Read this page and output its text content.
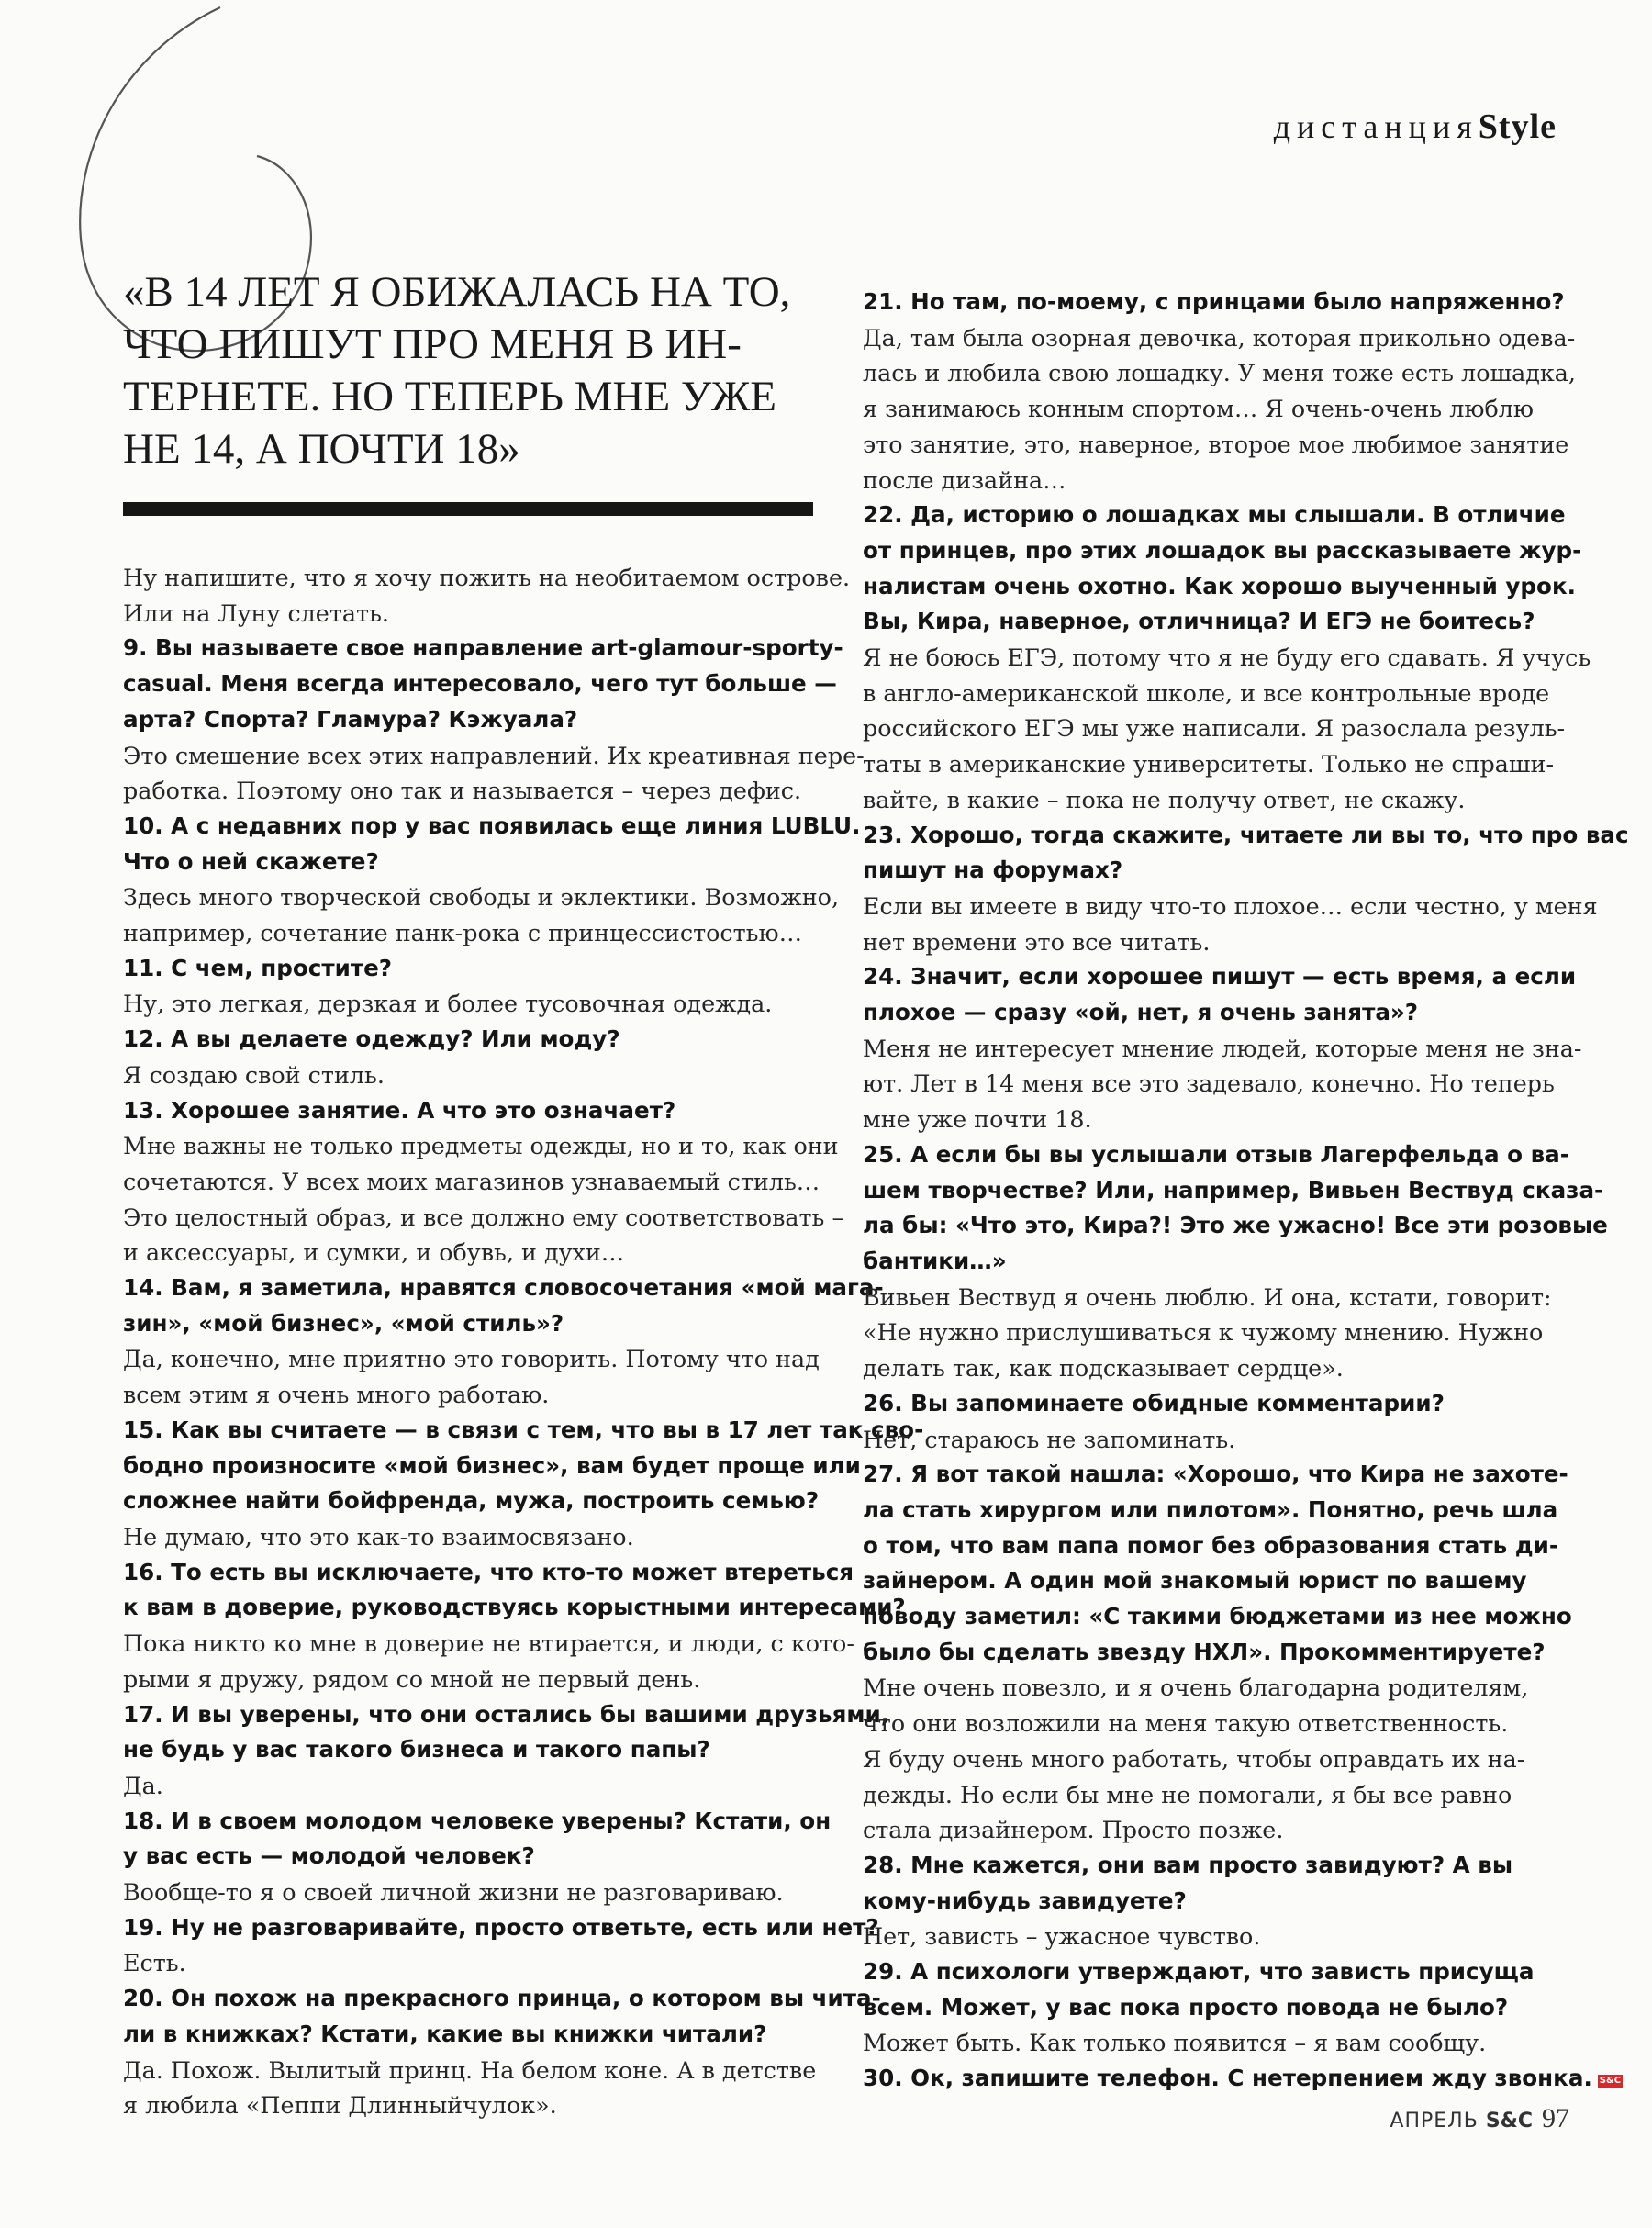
дистанцияStyle
«В 14 ЛЕТ Я ОБИЖАЛАСЬ НА ТО,
ЧТО ПИШУТ ПРО МЕНЯ В ИН-
ТЕРНЕТЕ. НО ТЕПЕРЬ МНЕ УЖЕ
НЕ 14, А ПОЧТИ 18»
Ну напишите, что я хочу пожить на необитаемом острове.
Или на Луну слетать.
9. Вы называете свое направление art-glamour-sporty-
casual. Меня всегда интересовало, чего тут больше —
арта? Спорта? Гламура? Кэжуала?
Это смешение всех этих направлений. Их креативная пере-
работка. Поэтому оно так и называется – через дефис.
10. А с недавних пор у вас появилась еще линия LUBLU.
Что о ней скажете?
Здесь много творческой свободы и эклектики. Возможно,
например, сочетание панк-рока с принцессистостью…
11. С чем, простите?
Ну, это легкая, дерзкая и более тусовочная одежда.
12. А вы делаете одежду? Или моду?
Я создаю свой стиль.
13. Хорошее занятие. А что это означает?
Мне важны не только предметы одежды, но и то, как они
сочетаются. У всех моих магазинов узнаваемый стиль…
Это целостный образ, и все должно ему соответствовать –
и аксессуары, и сумки, и обувь, и духи…
14. Вам, я заметила, нравятся словосочетания «мой мага-
зин», «мой бизнес», «мой стиль»?
Да, конечно, мне приятно это говорить. Потому что над
всем этим я очень много работаю.
15. Как вы считаете — в связи с тем, что вы в 17 лет так сво-
бодно произносите «мой бизнес», вам будет проще или
сложнее найти бойфренда, мужа, построить семью?
Не думаю, что это как-то взаимосвязано.
16. То есть вы исключаете, что кто-то может втереться
к вам в доверие, руководствуясь корыстными интересами?
Пока никто ко мне в доверие не втирается, и люди, с кото-
рыми я дружу, рядом со мной не первый день.
17. И вы уверены, что они остались бы вашими друзьями,
не будь у вас такого бизнеса и такого папы?
Да.
18. И в своем молодом человеке уверены? Кстати, он
у вас есть — молодой человек?
Вообще-то я о своей личной жизни не разговариваю.
19. Ну не разговаривайте, просто ответьте, есть или нет?
Есть.
20. Он похож на прекрасного принца, о котором вы чита-
ли в книжках? Кстати, какие вы книжки читали?
Да. Похож. Вылитый принц. На белом коне. А в детстве
я любила «Пеппи Длинныйчулок».
21. Но там, по-моему, с принцами было напряженно?
Да, там была озорная девочка, которая прикольно одева-
лась и любила свою лошадку. У меня тоже есть лошадка,
я занимаюсь конным спортом… Я очень-очень люблю
это занятие, это, наверное, второе мое любимое занятие
после дизайна…
22. Да, историю о лошадках мы слышали. В отличие
от принцев, про этих лошадок вы рассказываете жур-
налистам очень охотно. Как хорошо выученный урок.
Вы, Кира, наверное, отличница? И ЕГЭ не боитесь?
Я не боюсь ЕГЭ, потому что я не буду его сдавать. Я учусь
в англо-американской школе, и все контрольные вроде
российского ЕГЭ мы уже написали. Я разослала резуль-
таты в американские университеты. Только не спраши-
вайте, в какие – пока не получу ответ, не скажу.
23. Хорошо, тогда скажите, читаете ли вы то, что про вас
пишут на форумах?
Если вы имеете в виду что-то плохое… если честно, у меня
нет времени это все читать.
24. Значит, если хорошее пишут — есть время, а если
плохое — сразу «ой, нет, я очень занята»?
Меня не интересует мнение людей, которые меня не зна-
ют. Лет в 14 меня все это задевало, конечно. Но теперь
мне уже почти 18.
25. А если бы вы услышали отзыв Лагерфельда о ва-
шем творчестве? Или, например, Вивьен Вествуд сказа-
ла бы: «Что это, Кира?! Это же ужасно! Все эти розовые
бантики…»
Вивьен Вествуд я очень люблю. И она, кстати, говорит:
«Не нужно прислушиваться к чужому мнению. Нужно
делать так, как подсказывает сердце».
26. Вы запоминаете обидные комментарии?
Нет, стараюсь не запоминать.
27. Я вот такой нашла: «Хорошо, что Кира не захоте-
ла стать хирургом или пилотом». Понятно, речь шла
о том, что вам папа помог без образования стать ди-
зайнером. А один мой знакомый юрист по вашему
поводу заметил: «С такими бюджетами из нее можно
было бы сделать звезду НХЛ». Прокомментируете?
Мне очень повезло, и я очень благодарна родителям,
что они возложили на меня такую ответственность.
Я буду очень много работать, чтобы оправдать их на-
дежды. Но если бы мне не помогали, я бы все равно
стала дизайнером. Просто позже.
28. Мне кажется, они вам просто завидуют? А вы
кому-нибудь завидуете?
Нет, зависть – ужасное чувство.
29. А психологи утверждают, что зависть присуща
всем. Может, у вас пока просто повода не было?
Может быть. Как только появится – я вам сообщу.
30. Ок, запишите телефон. С нетерпением жду звонка. S&C
АПРЕЛЬ S&C 97
